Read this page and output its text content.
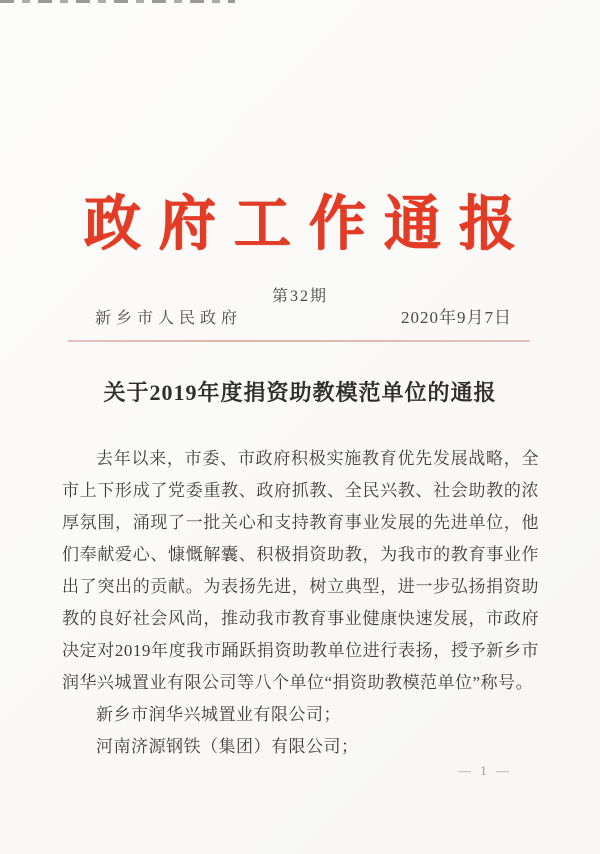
政府工作通报
第32期
新乡市人民政府	2020年9月7日
关于2019年度捐资助教模范单位的通报

去年以来，市委、市政府积极实施教育优先发展战略，全市上下形成了党委重教、政府抓教、全民兴教、社会助教的浓厚氛围，涌现了一批关心和支持教育事业发展的先进单位，他们奉献爱心、慷慨解囊、积极捐资助教，为我市的教育事业作出了突出的贡献。为表扬先进，树立典型，进一步弘扬捐资助教的良好社会风尚，推动我市教育事业健康快速发展，市政府决定对2019年度我市踊跃捐资助教单位进行表扬，授予新乡市润华兴城置业有限公司等八个单位“捐资助教模范单位”称号。

新乡市润华兴城置业有限公司；
河南济源钢铁（集团）有限公司；
— 1 —
